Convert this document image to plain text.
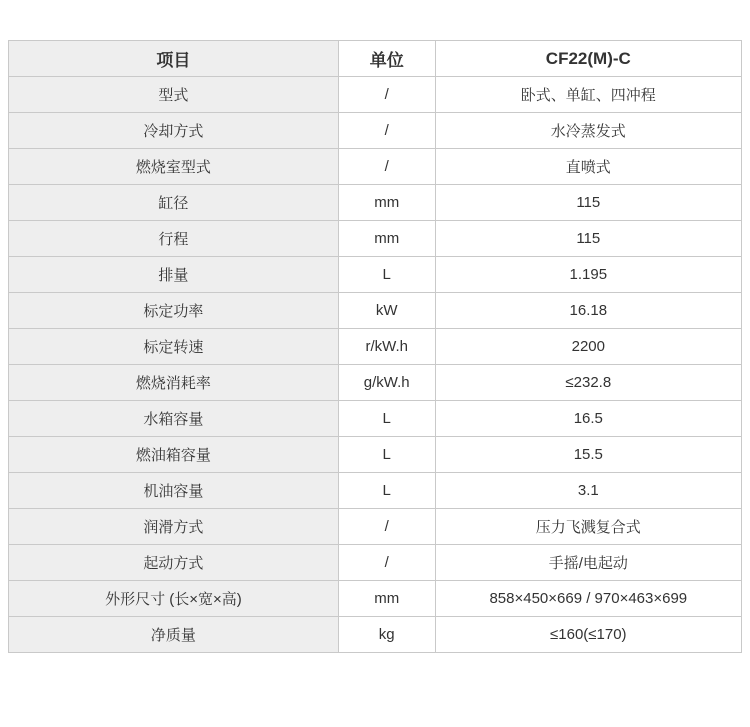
项目	单位	CF22(M)-C
型式	/	卧式、单缸、四冲程
冷却方式	/	水冷蒸发式
燃烧室型式	/	直喷式
缸径	mm	115
行程	mm	115
排量	L	1.195
标定功率	kW	16.18
标定转速	r/kW.h	2200
燃烧消耗率	g/kW.h	≤232.8
水箱容量	L	16.5
燃油箱容量	L	15.5
机油容量	L	3.1
润滑方式	/	压力飞溅复合式
起动方式	/	手摇/电起动
外形尺寸 (长×宽×高)	mm	858×450×669 / 970×463×699
净质量	kg	≤160(≤170)
